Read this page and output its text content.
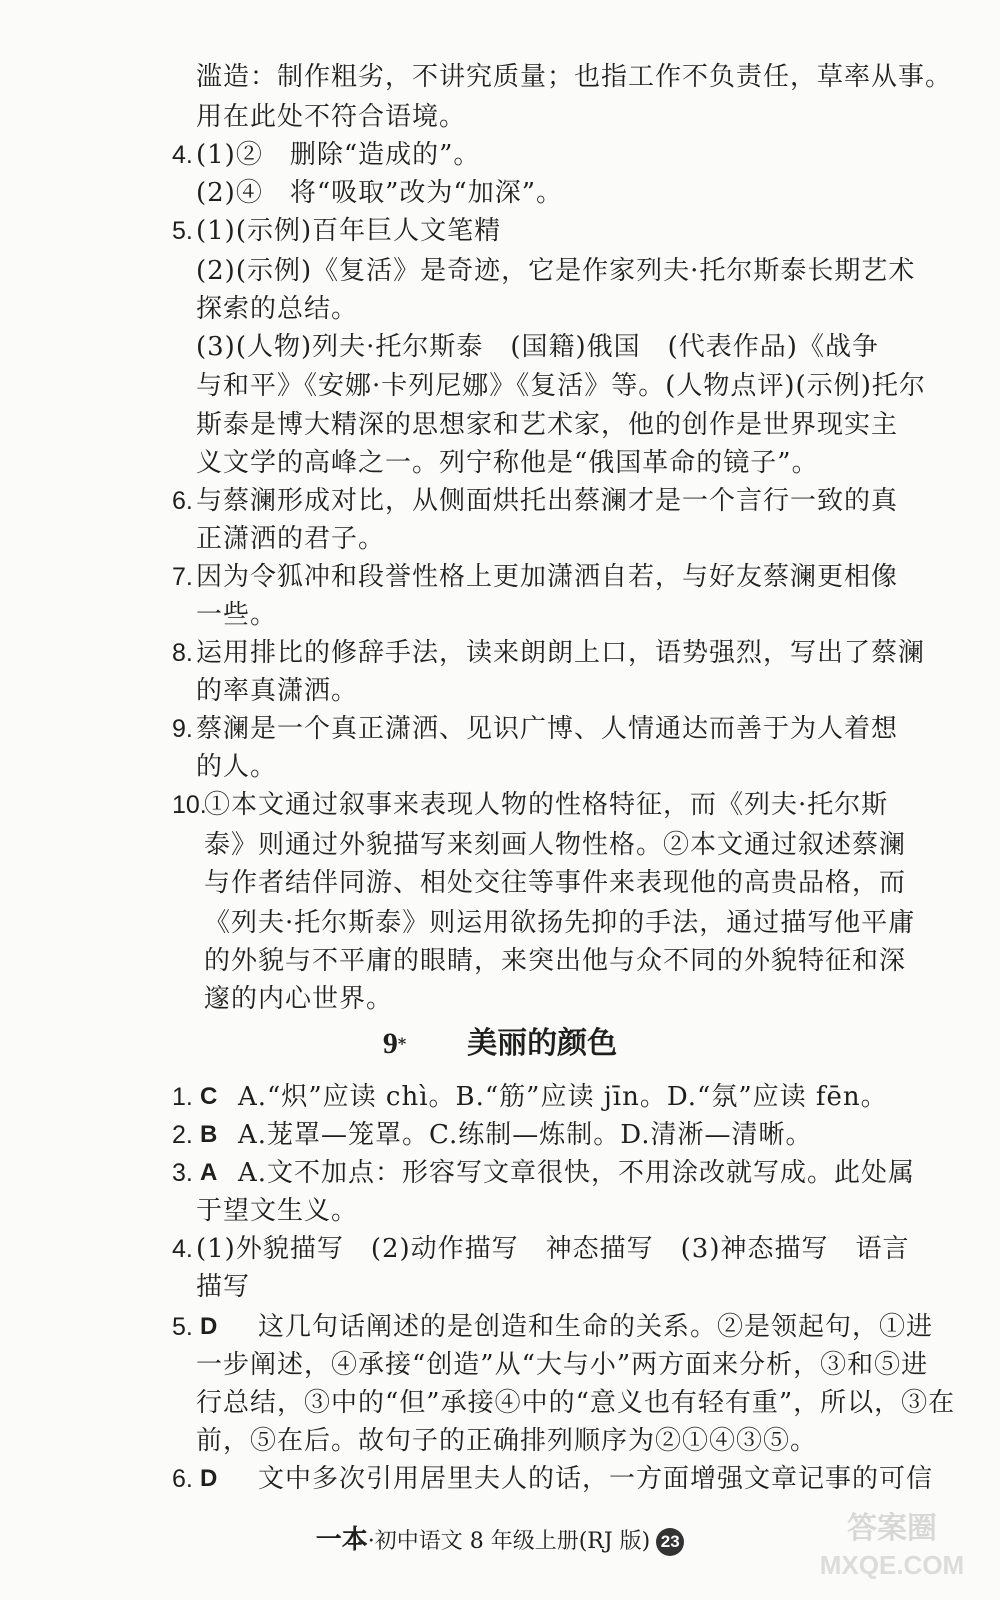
滥造：制作粗劣，不讲究质量；也指工作不负责任，草率从事。
用在此处不符合语境。
4. (1)②　删除“造成的”。
(2)④　将“吸取”改为“加深”。
5. (1)(示例)百年巨人文笔精
(2)(示例)《复活》是奇迹，它是作家列夫·托尔斯泰长期艺术
探索的总结。
(3)(人物)列夫·托尔斯泰　(国籍)俄国　(代表作品)《战争
与和平》《安娜·卡列尼娜》《复活》等。(人物点评)(示例)托尔
斯泰是博大精深的思想家和艺术家，他的创作是世界现实主
义文学的高峰之一。列宁称他是“俄国革命的镜子”。
6. 与蔡澜形成对比，从侧面烘托出蔡澜才是一个言行一致的真
正潇洒的君子。
7. 因为令狐冲和段誉性格上更加潇洒自若，与好友蔡澜更相像
一些。
8. 运用排比的修辞手法，读来朗朗上口，语势强烈，写出了蔡澜
的率真潇洒。
9. 蔡澜是一个真正潇洒、见识广博、人情通达而善于为人着想
的人。
10.
①本文通过叙事来表现人物的性格特征，而《列夫·托尔斯
泰》则通过外貌描写来刻画人物性格。②本文通过叙述蔡澜
与作者结伴同游、相处交往等事件来表现他的高贵品格，而
《列夫·托尔斯泰》则运用欲扬先抑的手法，通过描写他平庸
的外貌与不平庸的眼睛，来突出他与众不同的外貌特征和深
邃的内心世界。
9* 美丽的颜色
1. C A.“炽”应读 chì。B.“筋”应读 jīn。D.“氛”应读 fēn。
2. B A.茏罩—笼罩。C.练制—炼制。D.清淅—清晰。
3. A A.文不加点：形容写文章很快，不用涂改就写成。此处属
于望文生义。
4. (1)外貌描写　(2)动作描写　神态描写　(3)神态描写　语言
描写
5. D 这几句话阐述的是创造和生命的关系。②是领起句，①进
一步阐述，④承接“创造”从“大与小”两方面来分析，③和⑤进
行总结，③中的“但”承接④中的“意义也有轻有重”，所以，③在
前，⑤在后。故句子的正确排列顺序为②①④③⑤。
6. D 文中多次引用居里夫人的话，一方面增强文章记事的可信
一本·初中语文 8 年级上册(RJ 版) 23	答案圈
MXQE.COM
